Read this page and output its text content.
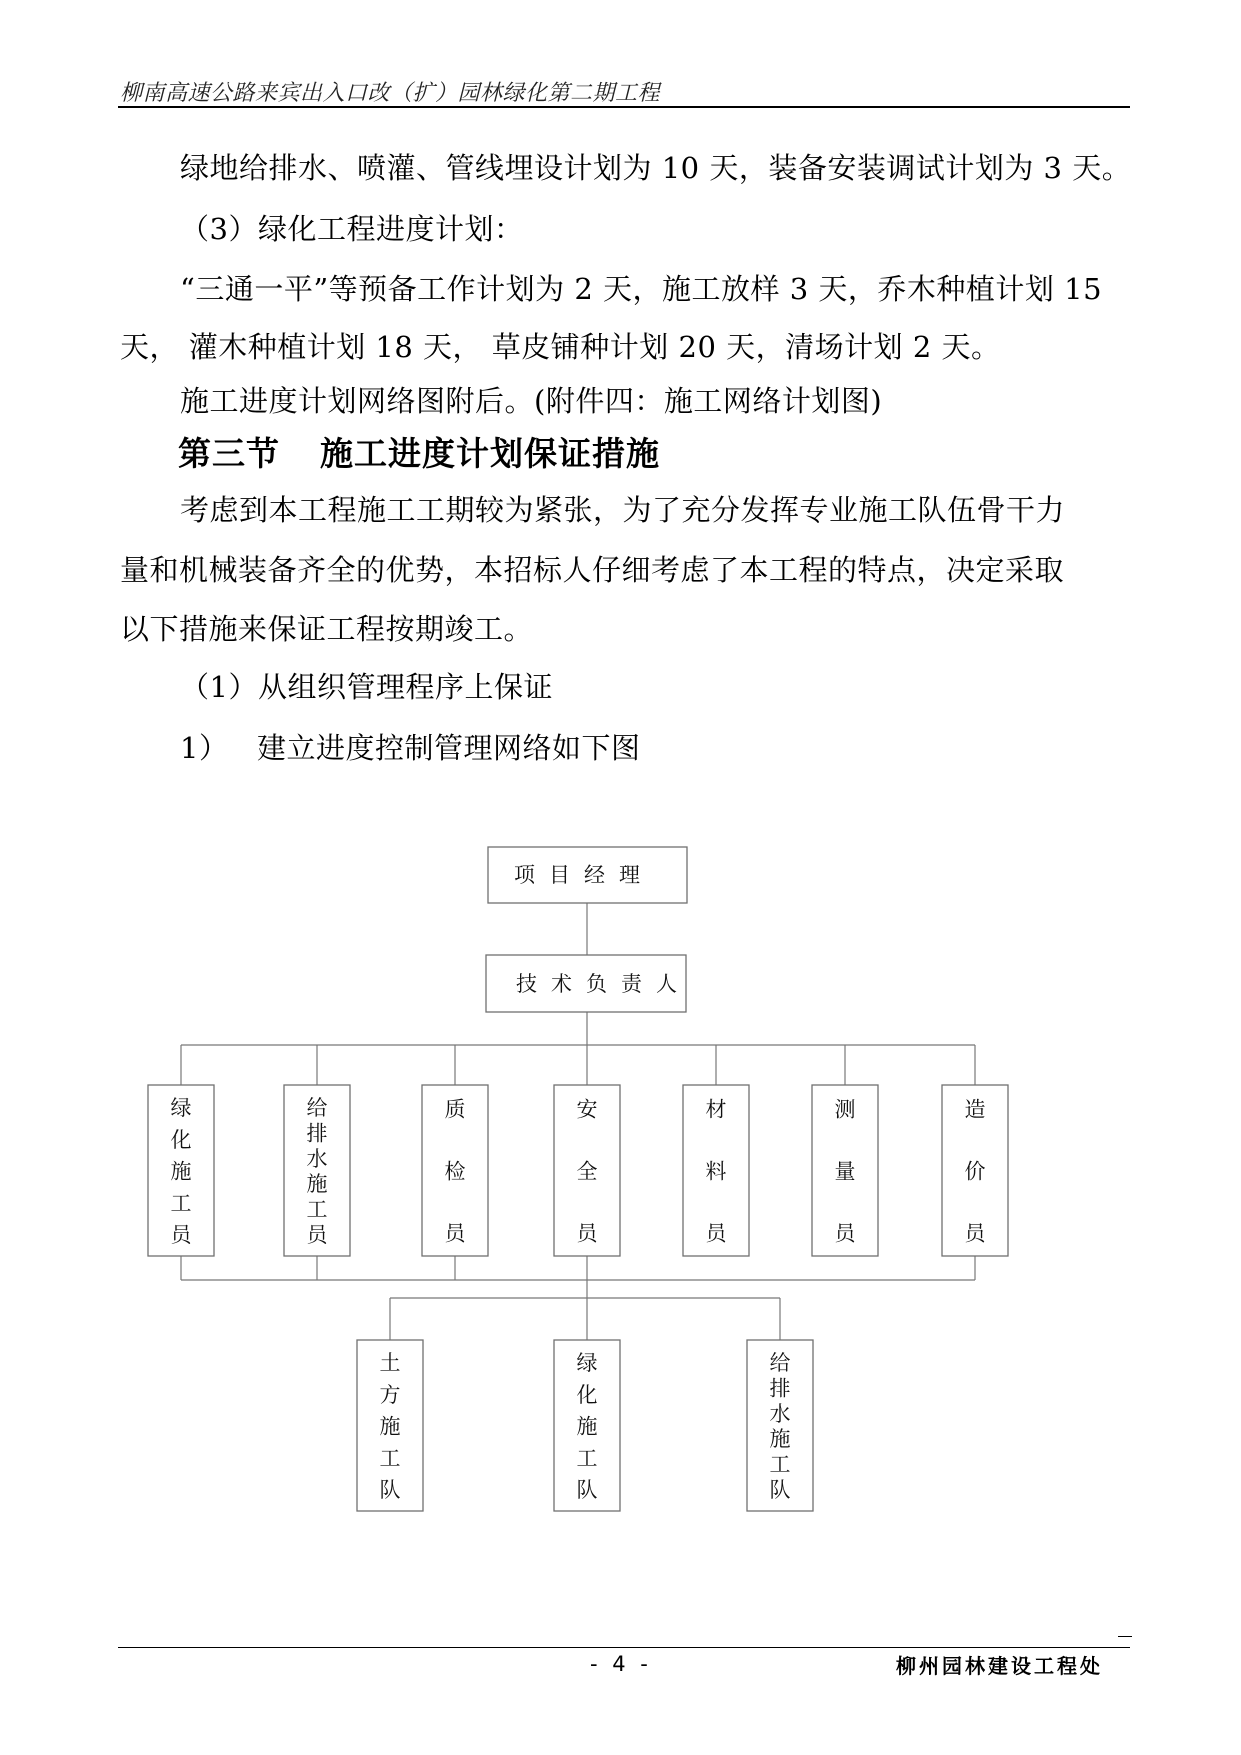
柳南高速公路来宾出入口改（扩）园林绿化第二期工程
绿地给排水、喷灌、管线埋设计划为 10 天，装备安装调试计划为 3 天。
（3）绿化工程进度计划：
“三通一平”等预备工作计划为 2 天，施工放样 3 天，乔木种植计划 15
天， 灌木种植计划 18 天， 草皮铺种计划 20 天，清场计划 2 天。
施工进度计划网络图附后。(附件四：施工网络计划图)
第三节 施工进度计划保证措施
考虑到本工程施工工期较为紧张，为了充分发挥专业施工队伍骨干力
量和机械装备齐全的优势，本招标人仔细考虑了本工程的特点，决定采取
以下措施来保证工程按期竣工。
（1）从组织管理程序上保证
1） 建立进度控制管理网络如下图
项目经理
技术负责人
绿
化
施
工
员
给
排
水
施
工
员
质
检
员
安
全
员
材
料
员
测
量
员
造
价
员
土
方
施
工
队
绿
化
施
工
队
给
排
水
施
工
队
- 4 -	柳州园林建设工程处
